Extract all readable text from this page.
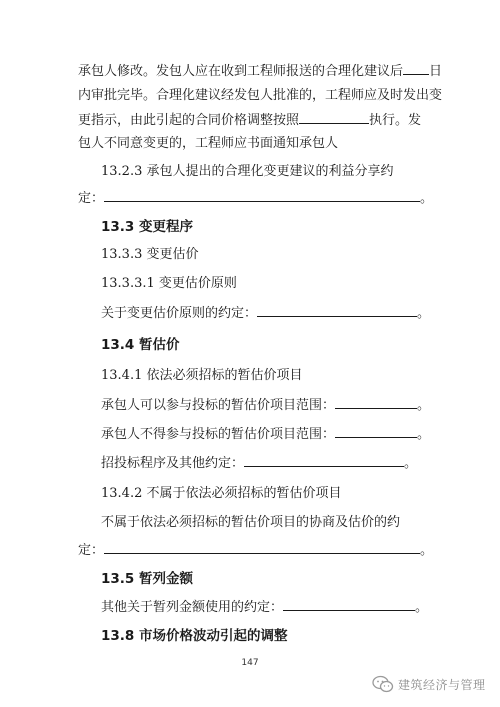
承包人修改。发包人应在收到工程师报送的合理化建议后 日
内审批完毕。合理化建议经发包人批准的，工程师应及时发出变
更指示，由此引起的合同价格调整按照	执行。发
包人不同意变更的，工程师应书面通知承包人
13.2.3 承包人提出的合理化变更建议的利益分享约
定：	。
13.3 变更程序
13.3.3 变更估价
13.3.3.1 变更估价原则
关于变更估价原则的约定：	。
13.4 暂估价
13.4.1 依法必须招标的暂估价项目
承包人可以参与投标的暂估价项目范围：	。
承包人不得参与投标的暂估价项目范围：	。
招投标程序及其他约定：	。
13.4.2 不属于依法必须招标的暂估价项目
不属于依法必须招标的暂估价项目的协商及估价的约
定：	。
13.5 暂列金额
其他关于暂列金额使用的约定：	。
13.8 市场价格波动引起的调整
147
建筑经济与管理
